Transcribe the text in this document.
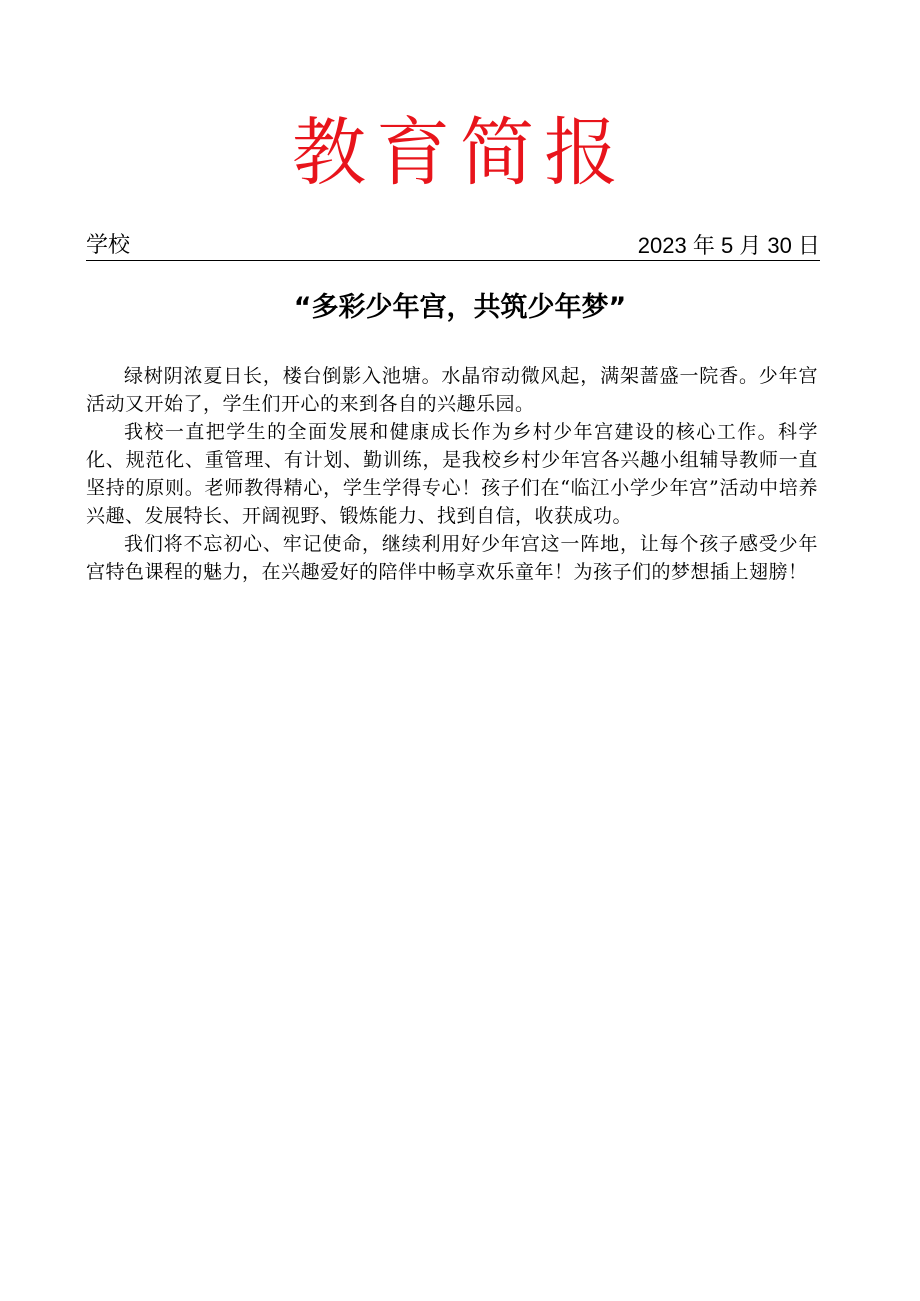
教育简报
学校	2023 年 5 月 30 日
“多彩少年宫，共筑少年梦”

绿树阴浓夏日长，楼台倒影入池塘。水晶帘动微风起，满架蔷盛一院香。少年宫活动又开始了，学生们开心的来到各自的兴趣乐园。

我校一直把学生的全面发展和健康成长作为乡村少年宫建设的核心工作。科学化、规范化、重管理、有计划、勤训练，是我校乡村少年宫各兴趣小组辅导教师一直坚持的原则。老师教得精心，学生学得专心！孩子们在“临江小学少年宫”活动中培养兴趣、发展特长、开阔视野、锻炼能力、找到自信，收获成功。

我们将不忘初心、牢记使命，继续利用好少年宫这一阵地，让每个孩子感受少年宫特色课程的魅力，在兴趣爱好的陪伴中畅享欢乐童年！为孩子们的梦想插上翅膀！
